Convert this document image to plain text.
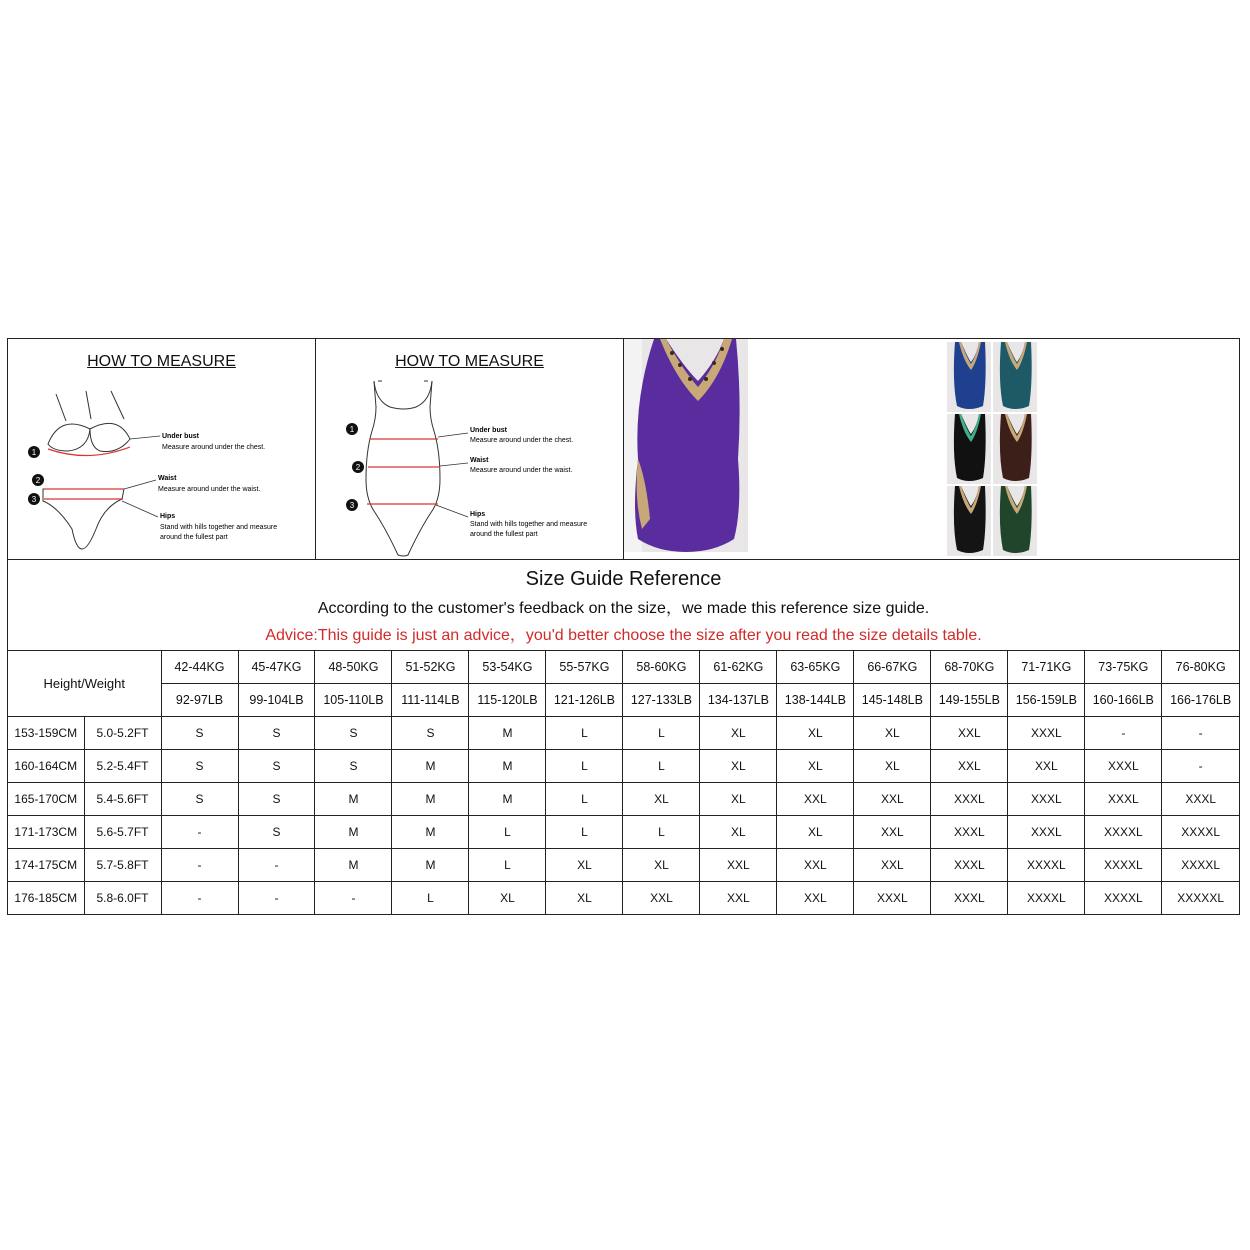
HOW TO MEASURE
1
2
3
Under bust
Measure around under the chest.
Waist
Measure around under the waist.
Hips
Stand with hills together and measure
around the fullest part
HOW TO MEASURE
1
2
3
Under bust
Measure around under the chest.
Waist
Measure around under the waist.
Hips
Stand with hills together and measure
around the fullest part
Size Guide Reference
According to the customer's feedback on the size，we made this reference size guide.
Advice:This guide is just an advice，you'd better choose the size after you read the size details table.
Height/Weight		42-44KG	45-47KG	48-50KG	51-52KG	53-54KG	55-57KG	58-60KG	61-62KG	63-65KG	66-67KG	68-70KG	71-71KG	73-75KG	76-80KG
		92-97LB	99-104LB	105-110LB	111-114LB	115-120LB	121-126LB	127-133LB	134-137LB	138-144LB	145-148LB	149-155LB	156-159LB	160-166LB	166-176LB
153-159CM	5.0-5.2FT	S	S	S	S	M	L	L	XL	XL	XL	XXL	XXXL	-	-
160-164CM	5.2-5.4FT	S	S	S	M	M	L	L	XL	XL	XL	XXL	XXL	XXXL	-
165-170CM	5.4-5.6FT	S	S	M	M	M	L	XL	XL	XXL	XXL	XXXL	XXXL	XXXL	XXXL
171-173CM	5.6-5.7FT	-	S	M	M	L	L	L	XL	XL	XXL	XXXL	XXXL	XXXXL	XXXXL
174-175CM	5.7-5.8FT	-	-	M	M	L	XL	XL	XXL	XXL	XXL	XXXL	XXXXL	XXXXL	XXXXL
176-185CM	5.8-6.0FT	-	-	-	L	XL	XL	XXL	XXL	XXL	XXXL	XXXL	XXXXL	XXXXL	XXXXXL
